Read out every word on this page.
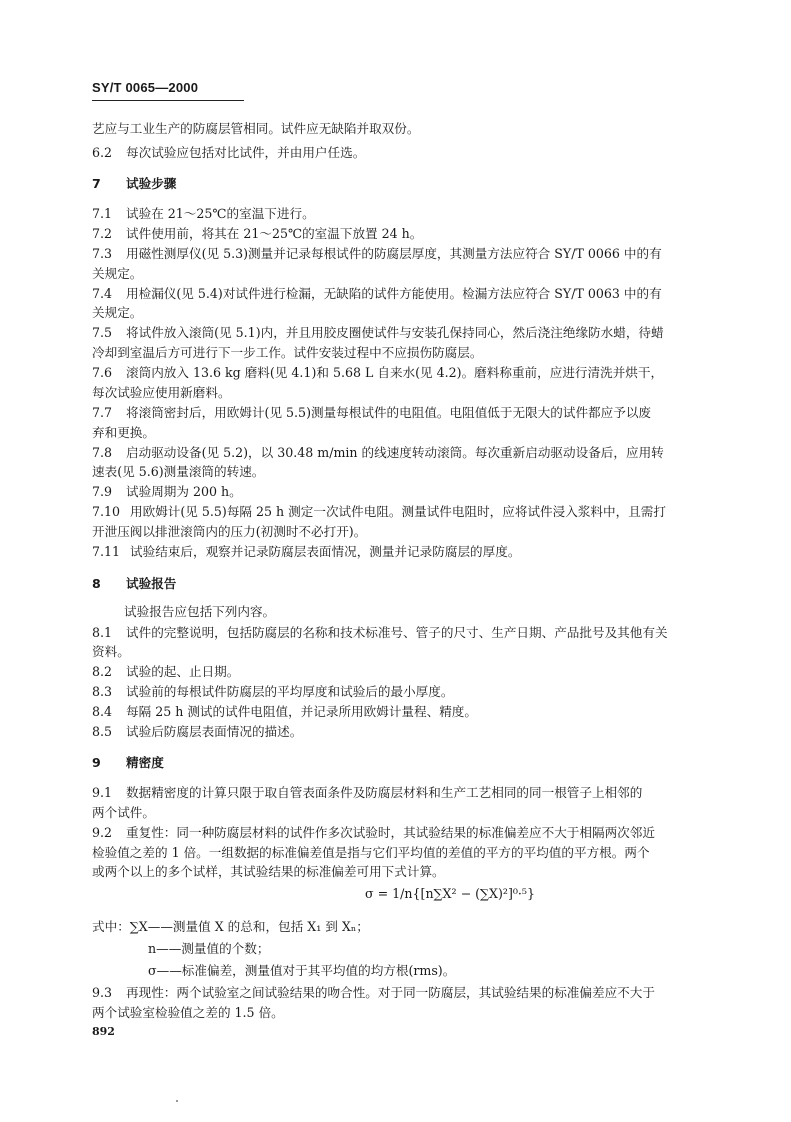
SY/T 0065—2000
艺应与工业生产的防腐层管相同。试件应无缺陷并取双份。
6.2 每次试验应包括对比试件，并由用户任选。
7 试验步骤
7.1 试验在 21～25℃的室温下进行。
7.2 试件使用前，将其在 21～25℃的室温下放置 24 h。
7.3 用磁性测厚仪(见 5.3)测量并记录每根试件的防腐层厚度，其测量方法应符合 SY/T 0066 中的有
关规定。
7.4 用检漏仪(见 5.4)对试件进行检漏，无缺陷的试件方能使用。检漏方法应符合 SY/T 0063 中的有
关规定。
7.5 将试件放入滚筒(见 5.1)内，并且用胶皮圈使试件与安装孔保持同心，然后浇注绝缘防水蜡，待蜡
冷却到室温后方可进行下一步工作。试件安装过程中不应损伤防腐层。
7.6 滚筒内放入 13.6 kg 磨料(见 4.1)和 5.68 L 自来水(见 4.2)。磨料称重前，应进行清洗并烘干，
每次试验应使用新磨料。
7.7 将滚筒密封后，用欧姆计(见 5.5)测量每根试件的电阻值。电阻值低于无限大的试件都应予以废
弃和更换。
7.8 启动驱动设备(见 5.2)，以 30.48 m/min 的线速度转动滚筒。每次重新启动驱动设备后，应用转
速表(见 5.6)测量滚筒的转速。
7.9 试验周期为 200 h。
7.10 用欧姆计(见 5.5)每隔 25 h 测定一次试件电阻。测量试件电阻时，应将试件浸入浆料中，且需打
开泄压阀以排泄滚筒内的压力(初测时不必打开)。
7.11 试验结束后，观察并记录防腐层表面情况，测量并记录防腐层的厚度。
8 试验报告
试验报告应包括下列内容。
8.1 试件的完整说明，包括防腐层的名称和技术标准号、管子的尺寸、生产日期、产品批号及其他有关
资料。
8.2 试验的起、止日期。
8.3 试验前的每根试件防腐层的平均厚度和试验后的最小厚度。
8.4 每隔 25 h 测试的试件电阻值，并记录所用欧姆计量程、精度。
8.5 试验后防腐层表面情况的描述。
9 精密度
9.1 数据精密度的计算只限于取自管表面条件及防腐层材料和生产工艺相同的同一根管子上相邻的
两个试件。
9.2 重复性：同一种防腐层材料的试件作多次试验时，其试验结果的标准偏差应不大于相隔两次邻近
检验值之差的 1 倍。一组数据的标准偏差值是指与它们平均值的差值的平方的平均值的平方根。两个
或两个以上的多个试样，其试验结果的标准偏差可用下式计算。
σ = 1/n{[n∑X² − (∑X)²]⁰·⁵}
式中：∑X——测量值 X 的总和，包括 X₁ 到 Xₙ；
n——测量值的个数；
σ——标准偏差，测量值对于其平均值的均方根(rms)。
9.3 再现性：两个试验室之间试验结果的吻合性。对于同一防腐层，其试验结果的标准偏差应不大于
两个试验室检验值之差的 1.5 倍。
892
